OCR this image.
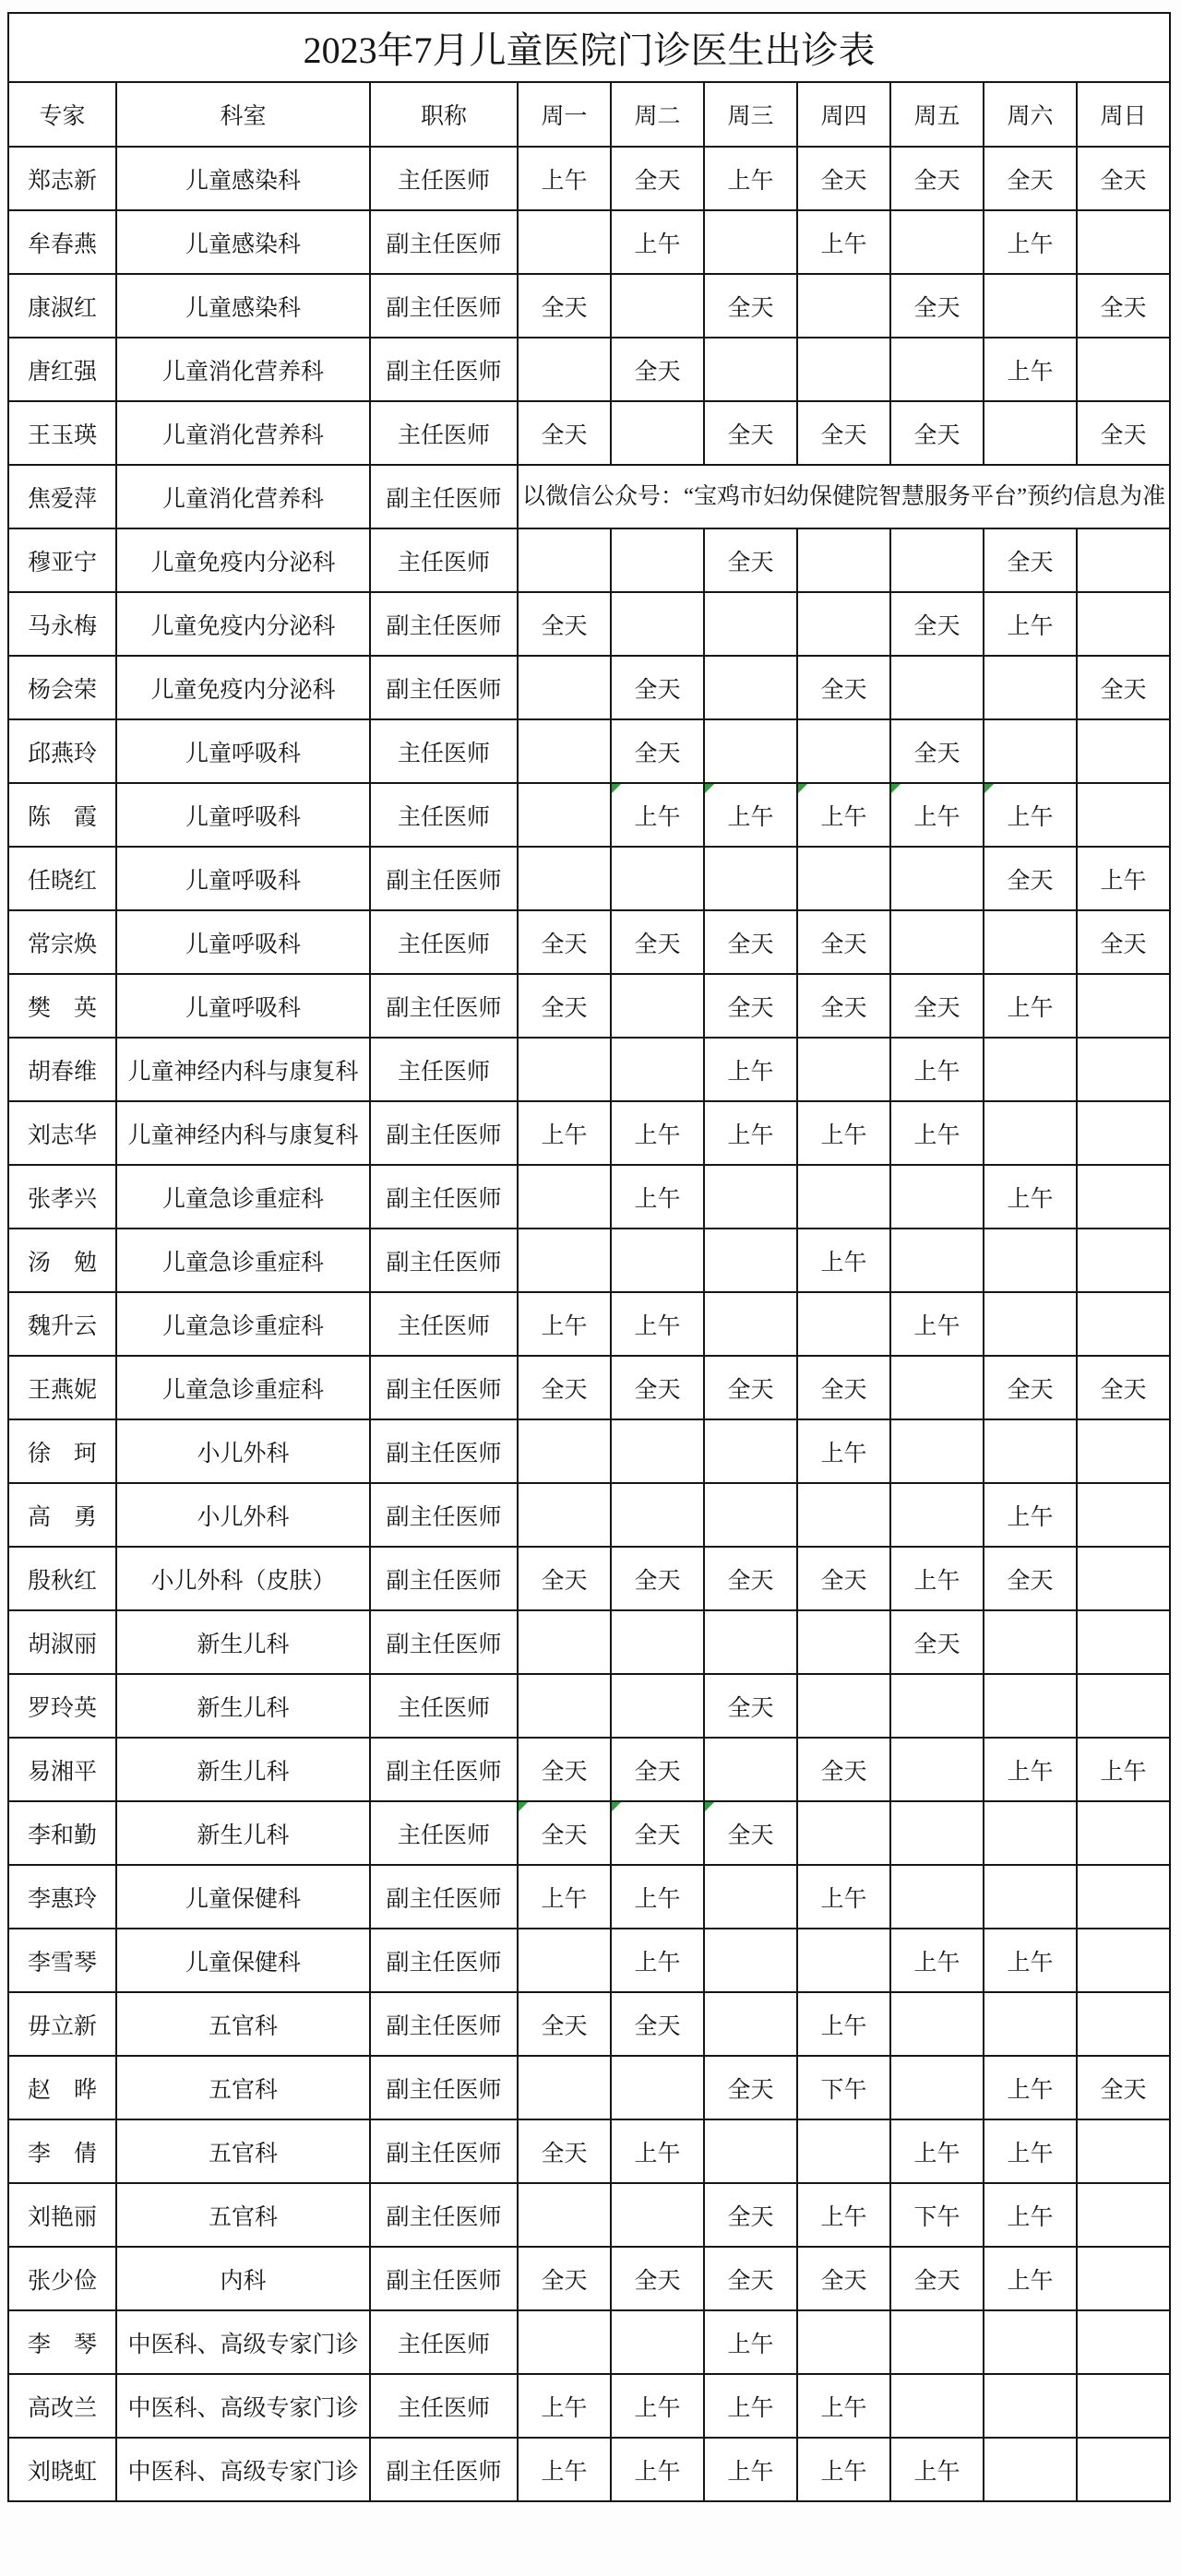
2023年7月儿童医院门诊医生出诊表									
专家	科室	职称	周一	周二	周三	周四	周五	周六	周日
郑志新	儿童感染科	主任医师	上午	全天	上午	全天	全天	全天	全天
牟春燕	儿童感染科	副主任医师		上午		上午		上午	
康淑红	儿童感染科	副主任医师	全天		全天		全天		全天
唐红强	儿童消化营养科	副主任医师		全天				上午	
王玉瑛	儿童消化营养科	主任医师	全天		全天	全天	全天		全天
焦爱萍	儿童消化营养科	副主任医师	以微信公众号：“宝鸡市妇幼保健院智慧服务平台”预约信息为准						
穆亚宁	儿童免疫内分泌科	主任医师			全天			全天	
马永梅	儿童免疫内分泌科	副主任医师	全天				全天	上午	
杨会荣	儿童免疫内分泌科	副主任医师		全天		全天			全天
邱燕玲	儿童呼吸科	主任医师		全天			全天		
陈　霞	儿童呼吸科	主任医师		上午	上午	上午	上午	上午

任晓红	儿童呼吸科	副主任医师						全天	上午
常宗焕	儿童呼吸科	主任医师	全天	全天	全天	全天			全天
樊　英	儿童呼吸科	副主任医师	全天		全天	全天	全天	上午	
胡春维	儿童神经内科与康复科	主任医师			上午		上午		
刘志华	儿童神经内科与康复科	副主任医师	上午	上午	上午	上午	上午		
张孝兴	儿童急诊重症科	副主任医师		上午				上午	
汤　勉	儿童急诊重症科	副主任医师				上午			
魏升云	儿童急诊重症科	主任医师	上午	上午			上午		
王燕妮	儿童急诊重症科	副主任医师	全天	全天	全天	全天		全天	全天
徐　珂	小儿外科	副主任医师				上午			
高　勇	小儿外科	副主任医师						上午	
殷秋红	小儿外科（皮肤）	副主任医师	全天	全天	全天	全天	上午	全天	
胡淑丽	新生儿科	副主任医师					全天		
罗玲英	新生儿科	主任医师			全天				
易湘平	新生儿科	副主任医师	全天	全天		全天		上午	上午
李和勤	新生儿科	主任医师	全天	全天	全天

李惠玲	儿童保健科	副主任医师	上午	上午		上午			
李雪琴	儿童保健科	副主任医师		上午			上午	上午	
毋立新	五官科	副主任医师	全天	全天		上午			
赵　晔	五官科	副主任医师			全天	下午		上午	全天
李　倩	五官科	副主任医师	全天	上午			上午	上午	
刘艳丽	五官科	副主任医师			全天	上午	下午	上午	
张少俭	内科	副主任医师	全天	全天	全天	全天	全天	上午	
李　琴	中医科、高级专家门诊	主任医师			上午				
高改兰	中医科、高级专家门诊	主任医师	上午	上午	上午	上午			
刘晓虹	中医科、高级专家门诊	副主任医师	上午	上午	上午	上午	上午		
